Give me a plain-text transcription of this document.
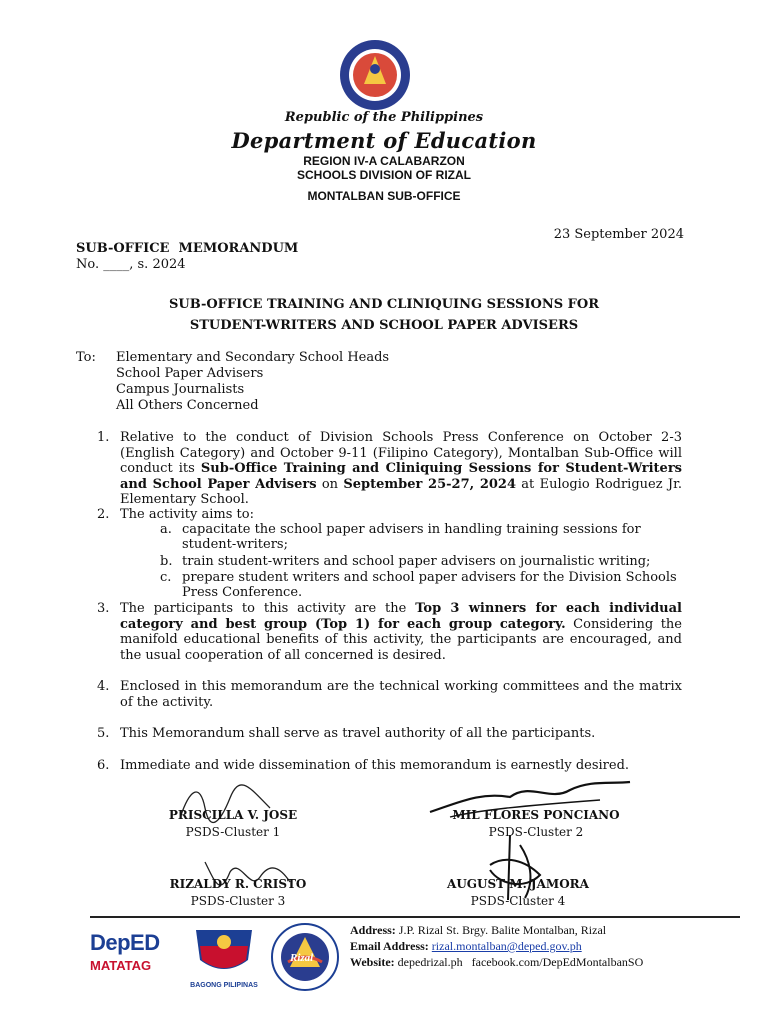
Republic of the Philippines
Department of Education
REGION IV-A CALABARZON
SCHOOLS DIVISION OF RIZAL
MONTALBAN SUB-OFFICE
23 September 2024
SUB-OFFICE  MEMORANDUM
No. ____, s. 2024
SUB-OFFICE TRAINING AND CLINIQUING SESSIONS FOR
STUDENT-WRITERS AND SCHOOL PAPER ADVISERS
To: Elementary and Secondary School Heads
School Paper Advisers
Campus Journalists
All Others Concerned
1. Relative to the conduct of Division Schools Press Conference on October 2-3 (English Category) and October 9-11 (Filipino Category), Montalban Sub-Office will conduct its Sub-Office Training and Cliniquing Sessions for Student-Writers and School Paper Advisers on September 25-27, 2024 at Eulogio Rodriguez Jr. Elementary School.
2. The activity aims to:
a. capacitate the school paper advisers in handling training sessions for student-writers;
b. train student-writers and school paper advisers on journalistic writing;
c. prepare student writers and school paper advisers for the Division Schools Press Conference.
3. The participants to this activity are the Top 3 winners for each individual category and best group (Top 1) for each group category. Considering the manifold educational benefits of this activity, the participants are encouraged, and the usual cooperation of all concerned is desired.
4. Enclosed in this memorandum are the technical working committees and the matrix of the activity.
5. This Memorandum shall serve as travel authority of all the participants.
6. Immediate and wide dissemination of this memorandum is earnestly desired.
PRISCILLA V. JOSE
PSDS-Cluster 1
MIL FLORES PONCIANO
PSDS-Cluster 2
RIZALDY R. CRISTO
PSDS-Cluster 3
AUGUST M. JAMORA
PSDS-Cluster 4
DepED
MATATAG
BAGONG PILIPINAS
Rizal
Address: J.P. Rizal St. Brgy. Balite Montalban, Rizal
Email Address: rizal.montalban@deped.gov.ph
Website: depedrizal.ph   facebook.com/DepEdMontalbanSO
